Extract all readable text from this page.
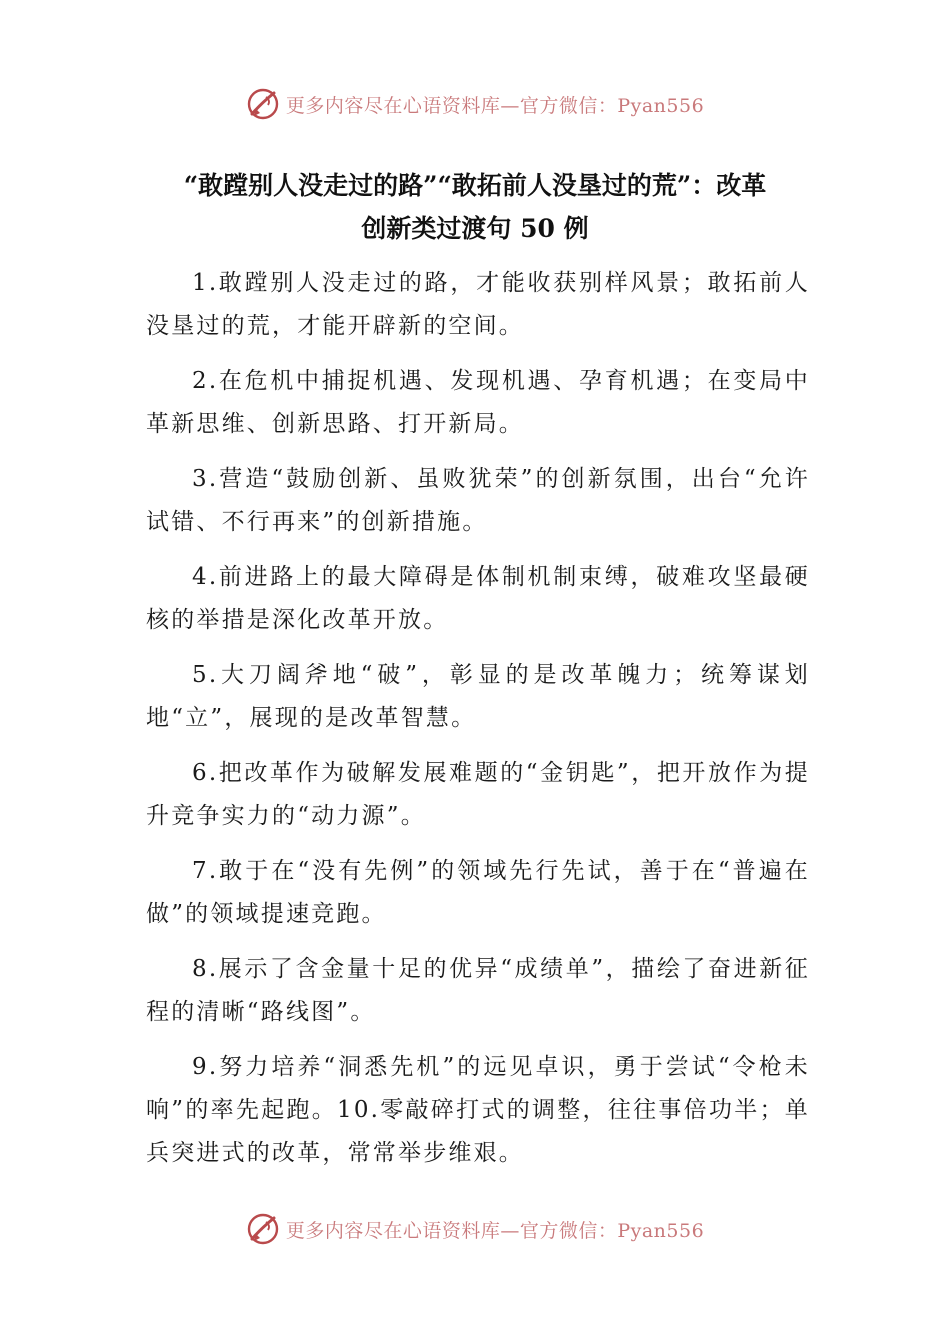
更多内容尽在心语资料库—官方微信：Pyan556
“敢蹚别人没走过的路”“敢拓前人没垦过的荒”：改革
创新类过渡句 50 例

1.敢蹚别人没走过的路，才能收获别样风景；敢拓前人没垦过的荒，才能开辟新的空间。

2.在危机中捕捉机遇、发现机遇、孕育机遇；在变局中革新思维、创新思路、打开新局。

3.营造“鼓励创新、虽败犹荣”的创新氛围，出台“允许试错、不行再来”的创新措施。

4.前进路上的最大障碍是体制机制束缚，破难攻坚最硬核的举措是深化改革开放。

5.大刀阔斧地“破”，彰显的是改革魄力；统筹谋划地“立”，展现的是改革智慧。

6.把改革作为破解发展难题的“金钥匙”，把开放作为提升竞争实力的“动力源”。

7.敢于在“没有先例”的领域先行先试，善于在“普遍在做”的领域提速竞跑。

8.展示了含金量十足的优异“成绩单”，描绘了奋进新征程的清晰“路线图”。

9.努力培养“洞悉先机”的远见卓识，勇于尝试“令枪未响”的率先起跑。10.零敲碎打式的调整，往往事倍功半；单兵突进式的改革，常常举步维艰。

更多内容尽在心语资料库—官方微信：Pyan556
